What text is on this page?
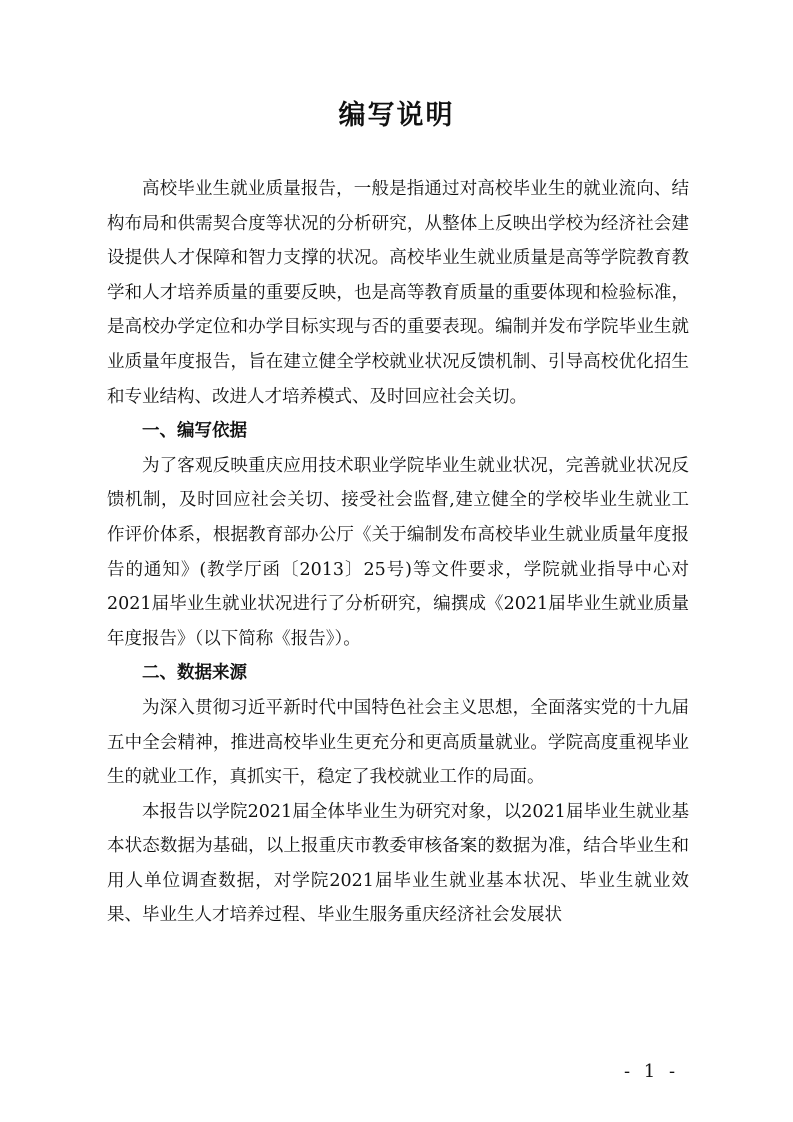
编写说明

高校毕业生就业质量报告，一般是指通过对高校毕业生的就业流向、结构布局和供需契合度等状况的分析研究，从整体上反映出学校为经济社会建设提供人才保障和智力支撑的状况。高校毕业生就业质量是高等学院教育教学和人才培养质量的重要反映，也是高等教育质量的重要体现和检验标准，是高校办学定位和办学目标实现与否的重要表现。编制并发布学院毕业生就业质量年度报告，旨在建立健全学校就业状况反馈机制、引导高校优化招生和专业结构、改进人才培养模式、及时回应社会关切。

一、编写依据

为了客观反映重庆应用技术职业学院毕业生就业状况，完善就业状况反馈机制，及时回应社会关切、接受社会监督,建立健全的学校毕业生就业工作评价体系，根据教育部办公厅《关于编制发布高校毕业生就业质量年度报告的通知》(教学厅函〔2013〕25号)等文件要求，学院就业指导中心对2021届毕业生就业状况进行了分析研究，编撰成《2021届毕业生就业质量年度报告》（以下简称《报告》）。

二、数据来源

为深入贯彻习近平新时代中国特色社会主义思想，全面落实党的十九届五中全会精神，推进高校毕业生更充分和更高质量就业。学院高度重视毕业生的就业工作，真抓实干，稳定了我校就业工作的局面。

本报告以学院2021届全体毕业生为研究对象，以2021届毕业生就业基本状态数据为基础，以上报重庆市教委审核备案的数据为准，结合毕业生和用人单位调查数据，对学院2021届毕业生就业基本状况、毕业生就业效果、毕业生人才培养过程、毕业生服务重庆经济社会发展状

- 1 -
